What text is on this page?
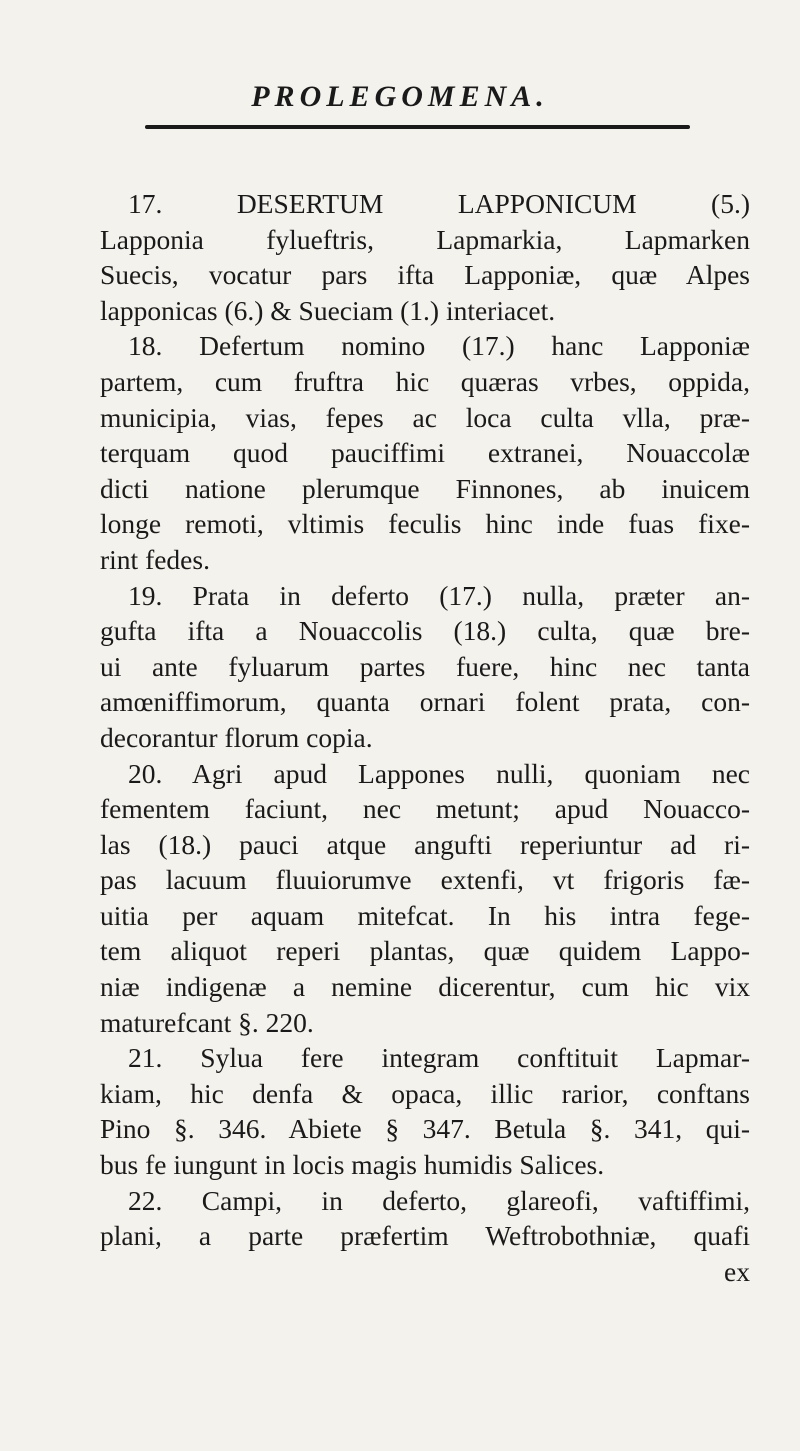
PROLEGOMENA.
17. DESERTUM LAPPONICUM (5.)
Lapponia fylueftris, Lapmarkia, Lapmarken
Suecis, vocatur pars ifta Lapponiæ, quæ Alpes
lapponicas (6.) & Sueciam (1.) interiacet.
18. Defertum nomino (17.) hanc Lapponiæ
partem, cum fruftra hic quæras vrbes, oppida,
municipia, vias, fepes ac loca culta vlla, præ-
terquam quod pauciffimi extranei, Nouaccolæ
dicti natione plerumque Finnones, ab inuicem
longe remoti, vltimis feculis hinc inde fuas fixe-
rint fedes.
19. Prata in deferto (17.) nulla, præter an-
gufta ifta a Nouaccolis (18.) culta, quæ bre-
ui ante fyluarum partes fuere, hinc nec tanta
amœniffimorum, quanta ornari folent prata, con-
decorantur florum copia.
20. Agri apud Lappones nulli, quoniam nec
fementem faciunt, nec metunt; apud Nouacco-
las (18.) pauci atque angufti reperiuntur ad ri-
pas lacuum fluuiorumve extenfi, vt frigoris fæ-
uitia per aquam mitefcat. In his intra fege-
tem aliquot reperi plantas, quæ quidem Lappo-
niæ indigenæ a nemine dicerentur, cum hic vix
maturefcant §. 220.
21. Sylua fere integram conftituit Lapmar-
kiam, hic denfa & opaca, illic rarior, conftans
Pino §. 346. Abiete § 347. Betula §. 341, qui-
bus fe iungunt in locis magis humidis Salices.
22. Campi, in deferto, glareofi, vaftiffimi,
plani, a parte præfertim Weftrobothniæ, quafi
ex
